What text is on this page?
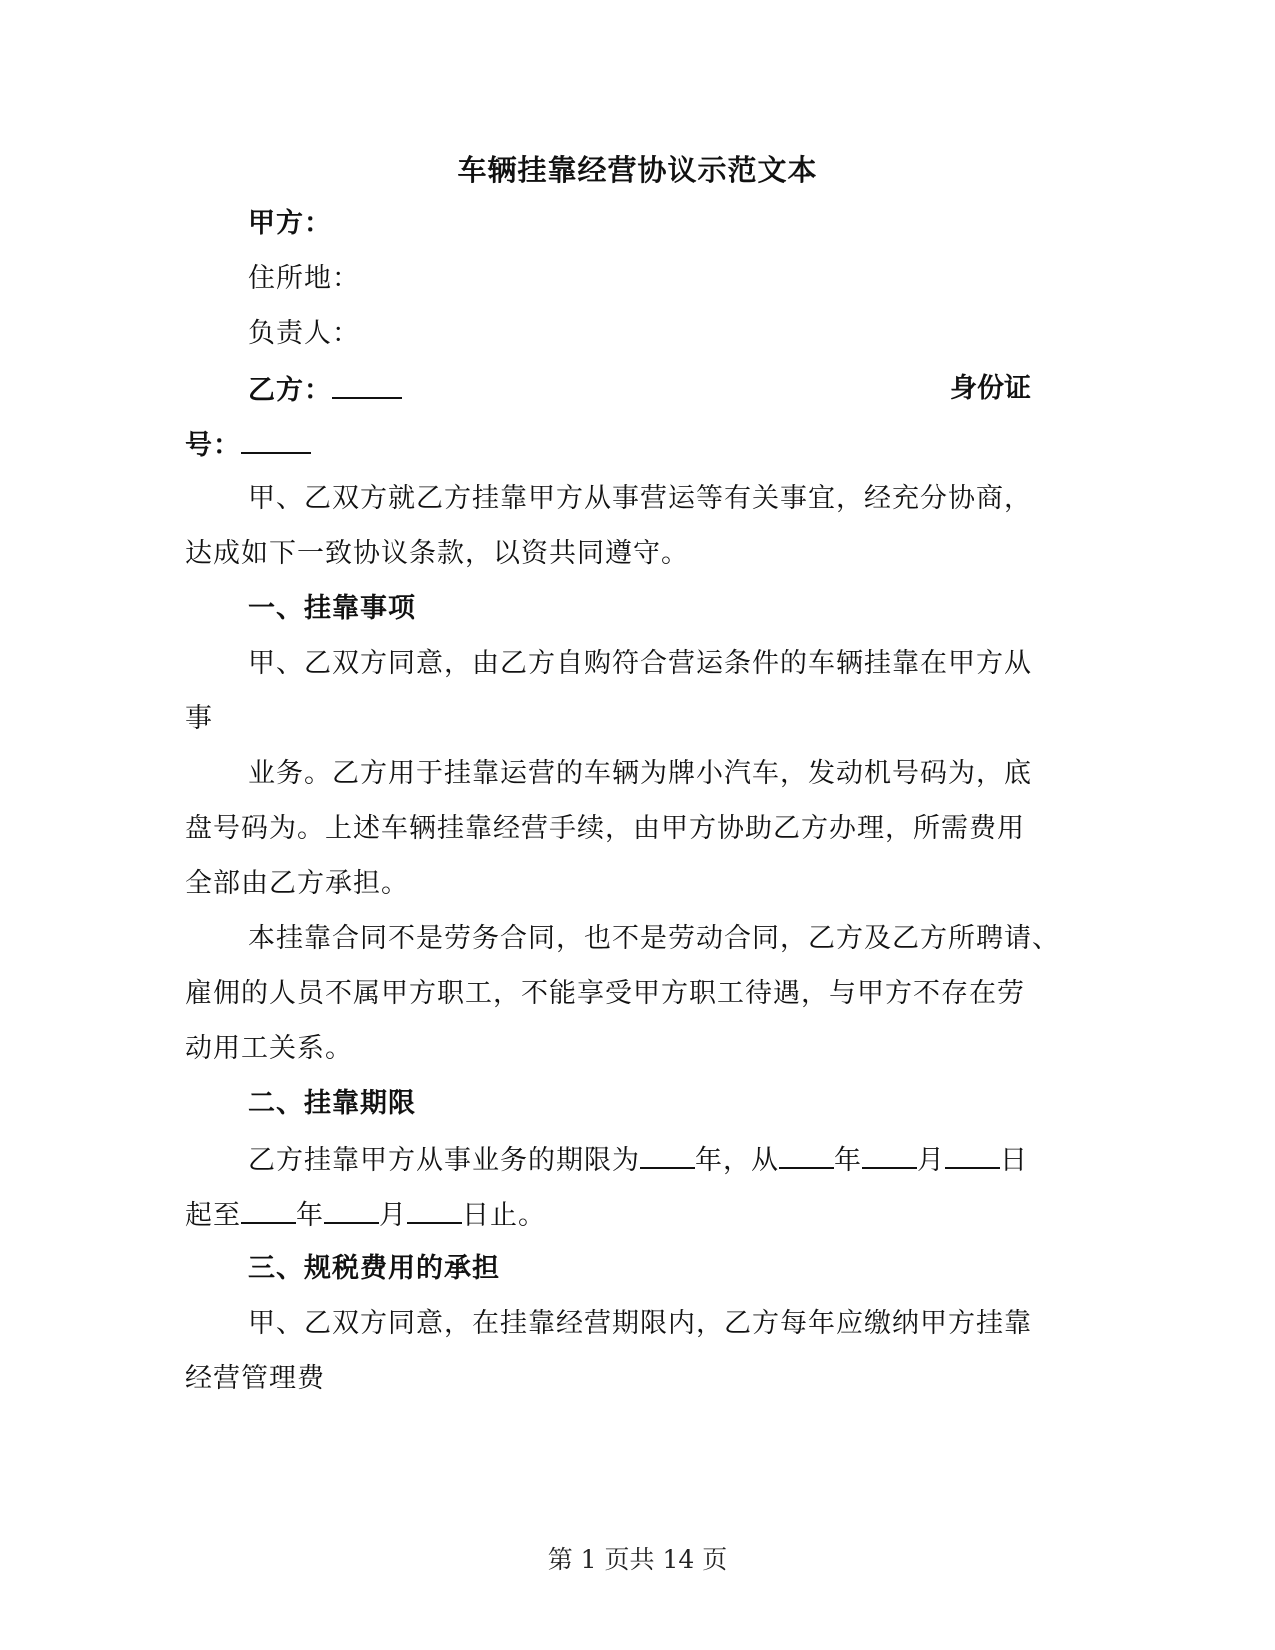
车辆挂靠经营协议示范文本
甲方：
住所地：
负责人：
乙方：	身份证
号：
甲、乙双方就乙方挂靠甲方从事营运等有关事宜，经充分协商，
达成如下一致协议条款，以资共同遵守。
一、挂靠事项
甲、乙双方同意，由乙方自购符合营运条件的车辆挂靠在甲方从
事
业务。乙方用于挂靠运营的车辆为牌小汽车，发动机号码为，底
盘号码为。上述车辆挂靠经营手续，由甲方协助乙方办理，所需费用
全部由乙方承担。
本挂靠合同不是劳务合同，也不是劳动合同，乙方及乙方所聘请、
雇佣的人员不属甲方职工，不能享受甲方职工待遇，与甲方不存在劳
动用工关系。
二、挂靠期限
乙方挂靠甲方从事业务的期限为 年，从 年 月 日
起至 年 月 日止。
三、规税费用的承担
甲、乙双方同意，在挂靠经营期限内，乙方每年应缴纳甲方挂靠
经营管理费
第 1 页共 14 页
